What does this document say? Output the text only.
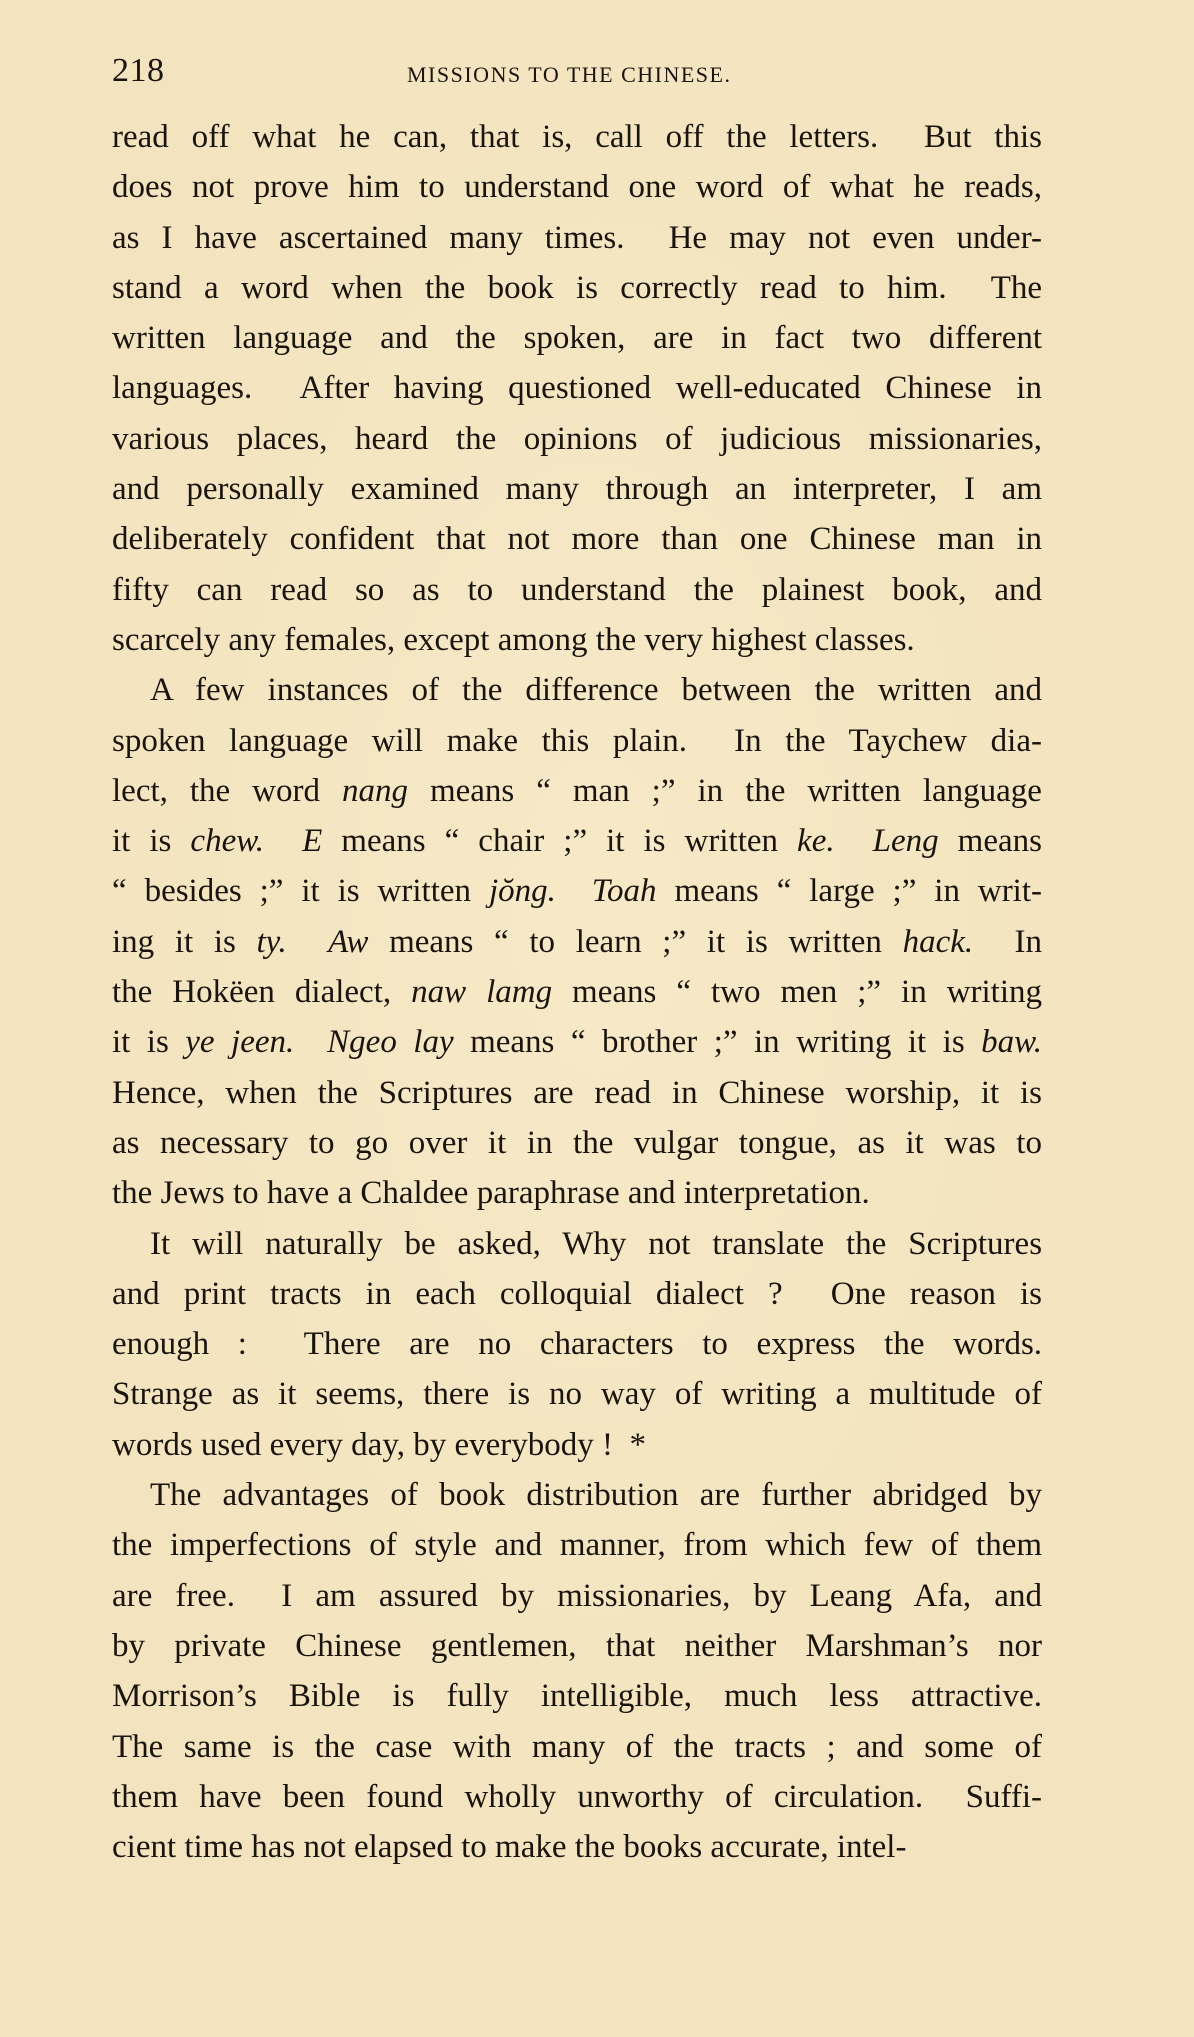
218	MISSIONS TO THE CHINESE.
read off what he can, that is, call off the letters.  But this
does not prove him to understand one word of what he reads,
as I have ascertained many times.  He may not even under-
stand a word when the book is correctly read to him.  The
written language and the spoken, are in fact two different
languages.  After having questioned well-educated Chinese in
various places, heard the opinions of judicious missionaries,
and personally examined many through an interpreter, I am
deliberately confident that not more than one Chinese man in
fifty can read so as to understand the plainest book, and
scarcely any females, except among the very highest classes.
A few instances of the difference between the written and
spoken language will make this plain.  In the Taychew dia-
lect, the word nang means “ man ;” in the written language
it is chew. E means “ chair ;” it is written ke. Leng means
“ besides ;” it is written jŏng. Toah means “ large ;” in writ-
ing it is ty. Aw means “ to learn ;” it is written hack.  In
the Hokëen dialect, naw lamg means “ two men ;” in writing
it is ye jeen. Ngeo lay means “ brother ;” in writing it is baw.
Hence, when the Scriptures are read in Chinese worship, it is
as necessary to go over it in the vulgar tongue, as it was to
the Jews to have a Chaldee paraphrase and interpretation.
It will naturally be asked, Why not translate the Scriptures
and print tracts in each colloquial dialect ?  One reason is
enough :  There are no characters to express the words.
Strange as it seems, there is no way of writing a multitude of
words used every day, by everybody !  *
The advantages of book distribution are further abridged by
the imperfections of style and manner, from which few of them
are free.  I am assured by missionaries, by Leang Afa, and
by private Chinese gentlemen, that neither Marshman’s nor
Morrison’s Bible is fully intelligible, much less attractive.
The same is the case with many of the tracts ; and some of
them have been found wholly unworthy of circulation.  Suffi-
cient time has not elapsed to make the books accurate, intel-
